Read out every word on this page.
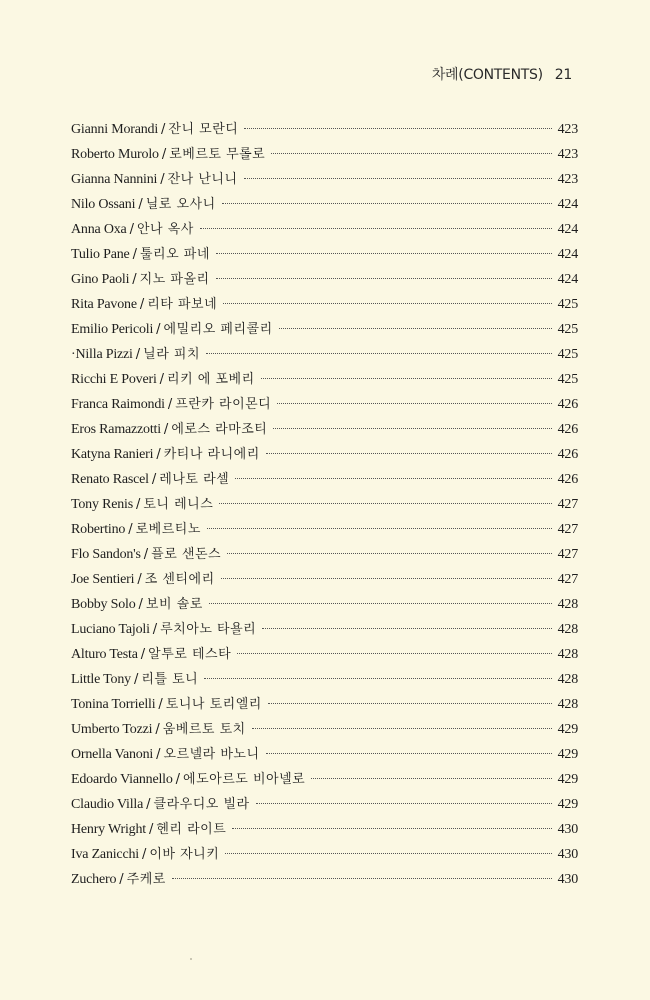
차례(CONTENTS) 21
Gianni Morandi / 잔니 모란디	423
Roberto Murolo / 로베르토 무롤로	423
Gianna Nannini / 잔나 난니니	423
Nilo Ossani / 닐로 오사니	424
Anna Oxa / 안나 옥사	424
Tulio Pane / 툴리오 파네	424
Gino Paoli / 지노 파올리	424
Rita Pavone / 리타 파보네	425
Emilio Pericoli / 에밀리오 페리콜리	425
·Nilla Pizzi / 닐라 피치	425
Ricchi E Poveri / 리키 에 포베리	425
Franca Raimondi / 프란카 라이몬디	426
Eros Ramazzotti / 에로스 라마조티	426
Katyna Ranieri / 카티나 라니에리	426
Renato Rascel / 레나토 라셀	426
Tony Renis / 토니 레니스	427
Robertino / 로베르티노	427
Flo Sandon's / 플로 샌돈스	427
Joe Sentieri / 조 센티에리	427
Bobby Solo / 보비 솔로	428
Luciano Tajoli / 루치아노 타욜리	428
Alturo Testa / 알투로 테스타	428
Little Tony / 리틀 토니	428
Tonina Torrielli / 토니나 토리엘리	428
Umberto Tozzi / 움베르토 토치	429
Ornella Vanoni / 오르넬라 바노니	429
Edoardo Viannello / 에도아르도 비아넬로	429
Claudio Villa / 클라우디오 빌라	429
Henry Wright / 헨리 라이트	430
Iva Zanicchi / 이바 자니키	430
Zuchero / 주케로	430
